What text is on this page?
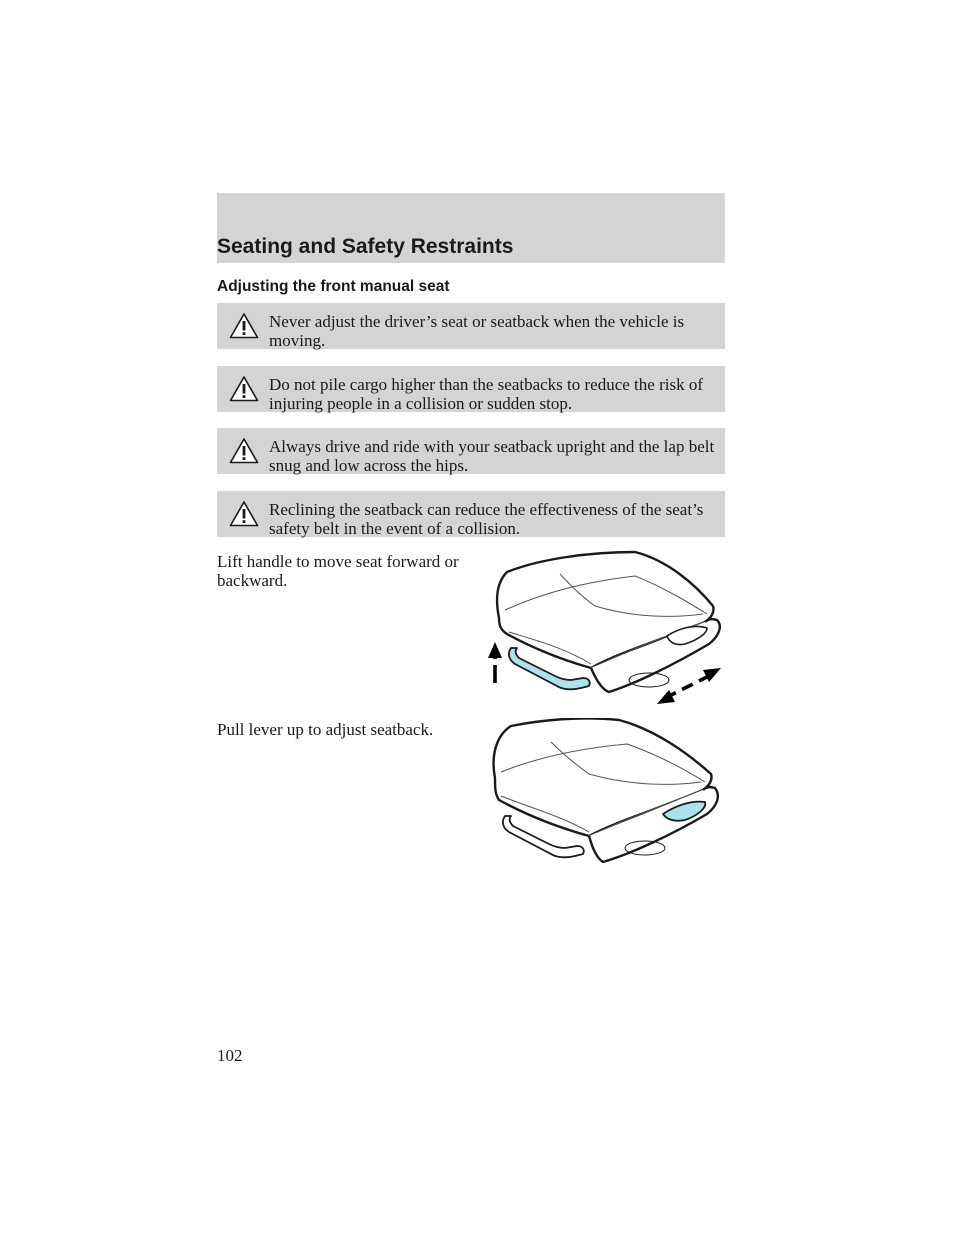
Seating and Safety Restraints
Adjusting the front manual seat
Never adjust the driver’s seat or seatback when the vehicle is moving.
Do not pile cargo higher than the seatbacks to reduce the risk of injuring people in a collision or sudden stop.
Always drive and ride with your seatback upright and the lap belt snug and low across the hips.
Reclining the seatback can reduce the effectiveness of the seat’s safety belt in the event of a collision.
Lift handle to move seat forward or backward.
Pull lever up to adjust seatback.
102
